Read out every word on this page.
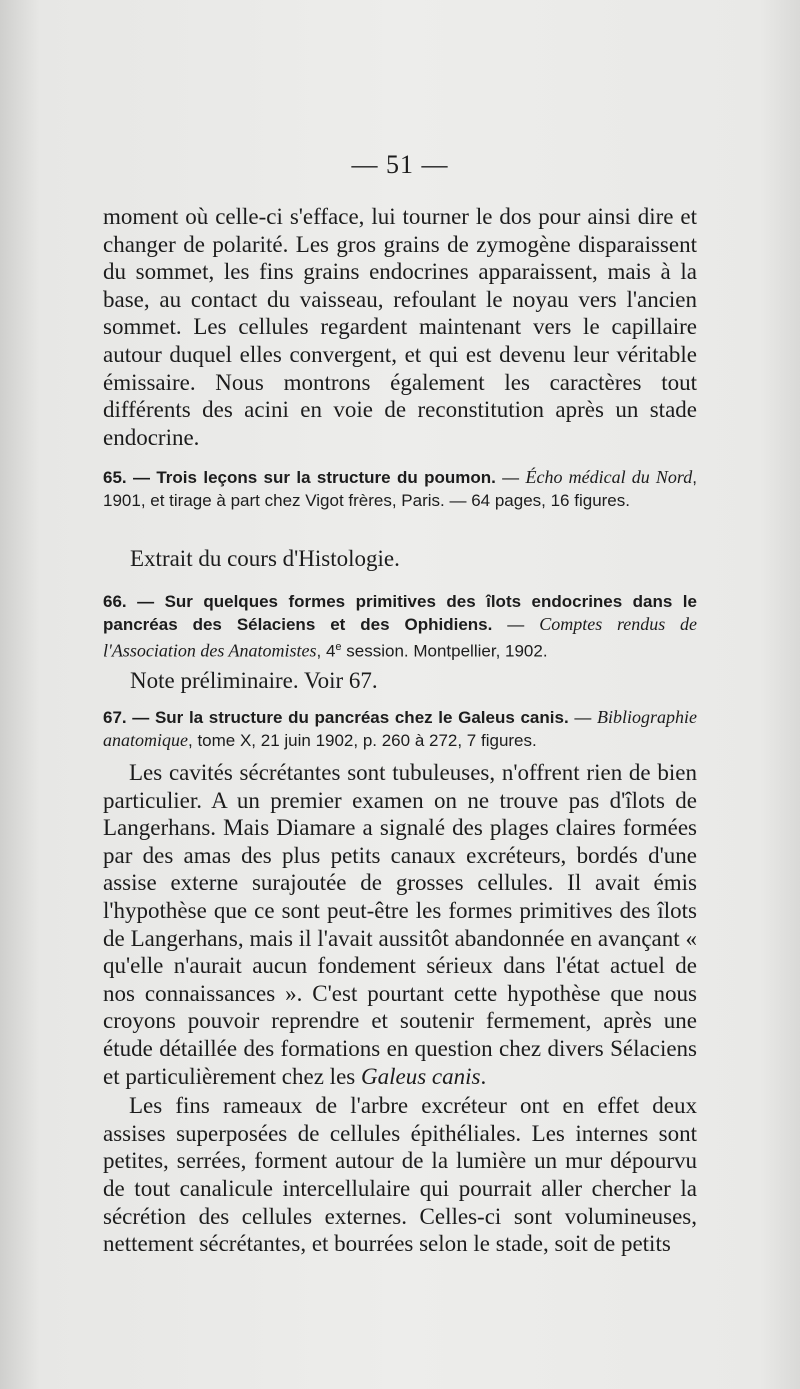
— 51 —

moment où celle-ci s'efface, lui tourner le dos pour ainsi dire et changer de polarité. Les gros grains de zymogène disparaissent du sommet, les fins grains endocrines apparaissent, mais à la base, au contact du vaisseau, refoulant le noyau vers l'ancien sommet. Les cellules regardent maintenant vers le capillaire autour duquel elles convergent, et qui est devenu leur véritable émissaire. Nous montrons également les caractères tout différents des acini en voie de reconstitution après un stade endocrine.

65. — Trois leçons sur la structure du poumon. — Écho médical du Nord, 1901, et tirage à part chez Vigot frères, Paris. — 64 pages, 16 figures.

Extrait du cours d'Histologie.

66. — Sur quelques formes primitives des îlots endocrines dans le pancréas des Sélaciens et des Ophidiens. — Comptes rendus de l'Association des Anatomistes, 4e session. Montpellier, 1902.

Note préliminaire. Voir 67.

67. — Sur la structure du pancréas chez le Galeus canis. — Bibliographie anatomique, tome X, 21 juin 1902, p. 260 à 272, 7 figures.

Les cavités sécrétantes sont tubuleuses, n'offrent rien de bien particulier. A un premier examen on ne trouve pas d'îlots de Langerhans. Mais Diamare a signalé des plages claires formées par des amas des plus petits canaux excréteurs, bordés d'une assise externe surajoutée de grosses cellules. Il avait émis l'hypothèse que ce sont peut-être les formes primitives des îlots de Langerhans, mais il l'avait aussitôt abandonnée en avançant « qu'elle n'aurait aucun fondement sérieux dans l'état actuel de nos connaissances ». C'est pourtant cette hypothèse que nous croyons pouvoir reprendre et soutenir fermement, après une étude détaillée des formations en question chez divers Sélaciens et particulièrement chez les Galeus canis.

Les fins rameaux de l'arbre excréteur ont en effet deux assises superposées de cellules épithéliales. Les internes sont petites, serrées, forment autour de la lumière un mur dépourvu de tout canalicule intercellulaire qui pourrait aller chercher la sécrétion des cellules externes. Celles-ci sont volumineuses, nettement sécrétantes, et bourrées selon le stade, soit de petits
